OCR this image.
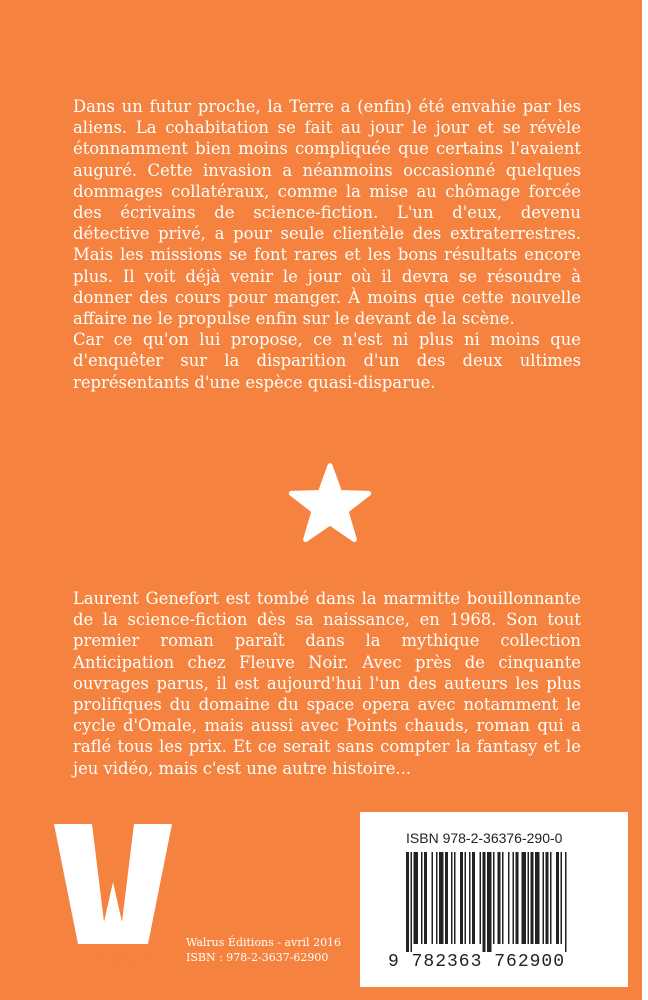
Dans un futur proche, la Terre a (enfin) été envahie par les aliens. La cohabitation se fait au jour le jour et se révèle étonnamment bien moins compliquée que certains l'avaient auguré. Cette invasion a néanmoins occasionné quelques dommages collatéraux, comme la mise au chômage forcée des écrivains de science-fiction. L'un d'eux, devenu détective privé, a pour seule clientèle des extraterrestres. Mais les missions se font rares et les bons résultats encore plus. Il voit déjà venir le jour où il devra se résoudre à donner des cours pour manger. À moins que cette nouvelle affaire ne le propulse enfin sur le devant de la scène.
Car ce qu'on lui propose, ce n'est ni plus ni moins que d'enquêter sur la disparition d'un des deux ultimes représentants d'une espèce quasi-disparue.

Laurent Genefort est tombé dans la marmitte bouillonnante de la science-fiction dès sa naissance, en 1968. Son tout premier roman paraît dans la mythique collection Anticipation chez Fleuve Noir. Avec près de cinquante ouvrages parus, il est aujourd'hui l'un des auteurs les plus prolifiques du domaine du space opera avec notamment le cycle d'Omale, mais aussi avec Points chauds, roman qui a raflé tous les prix. Et ce serait sans compter la fantasy et le jeu vidéo, mais c'est une autre histoire...

WALRUS
Walrus Éditions - avril 2016
ISBN : 978-2-3637-62900
ISBN 978-2-36376-290-0
9 782363 762900
